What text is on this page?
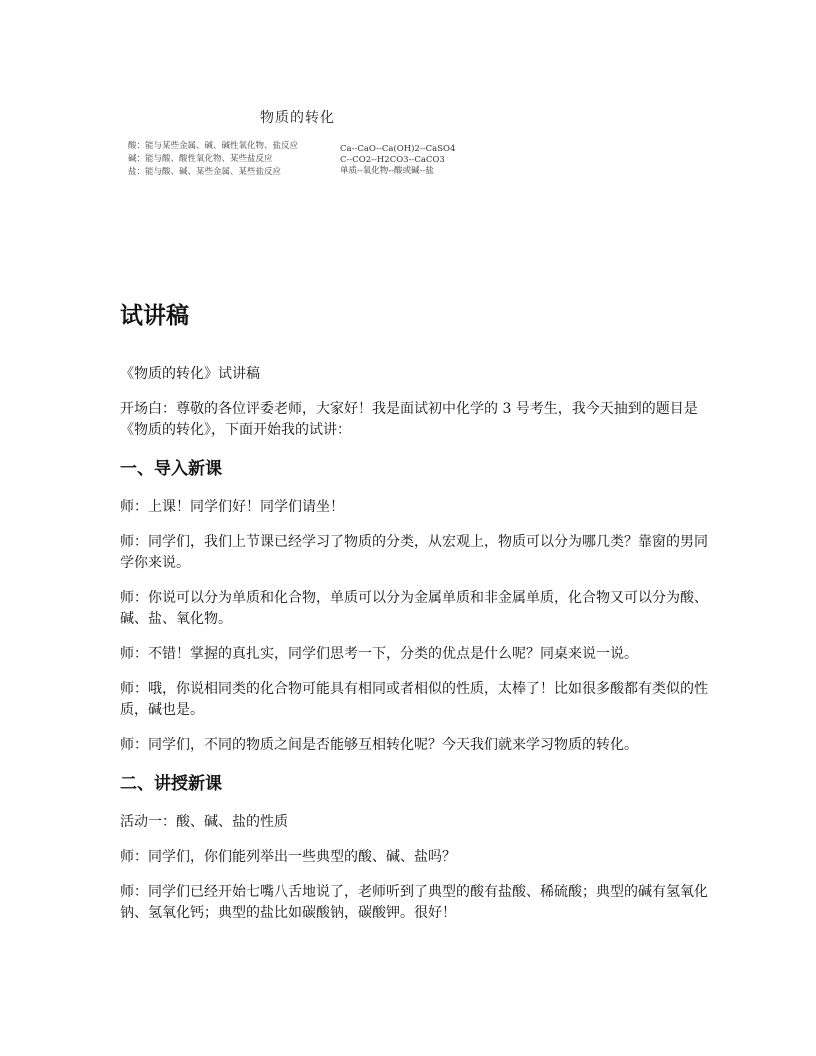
物质的转化
酸：能与某些金属、碱、碱性氧化物、盐反应
碱：能与酸、酸性氧化物、某些盐反应
盐：能与酸、碱、某些金属、某些盐反应
Ca--CaO--Ca(OH)2--CaSO4
C--CO2--H2CO3--CaCO3
单质--氧化物--酸或碱--盐
试讲稿

《物质的转化》试讲稿

开场白：尊敬的各位评委老师，大家好！我是面试初中化学的 3 号考生，我今天抽到的题目是《物质的转化》，下面开始我的试讲：

一、导入新课

师：上课！同学们好！同学们请坐！

师：同学们，我们上节课已经学习了物质的分类，从宏观上，物质可以分为哪几类？靠窗的男同学你来说。

师：你说可以分为单质和化合物，单质可以分为金属单质和非金属单质，化合物又可以分为酸、碱、盐、氧化物。

师：不错！掌握的真扎实，同学们思考一下，分类的优点是什么呢？同桌来说一说。

师：哦，你说相同类的化合物可能具有相同或者相似的性质，太棒了！比如很多酸都有类似的性质，碱也是。

师：同学们，不同的物质之间是否能够互相转化呢？今天我们就来学习物质的转化。

二、讲授新课

活动一：酸、碱、盐的性质

师：同学们，你们能列举出一些典型的酸、碱、盐吗？

师：同学们已经开始七嘴八舌地说了，老师听到了典型的酸有盐酸、稀硫酸；典型的碱有氢氧化钠、氢氧化钙；典型的盐比如碳酸钠，碳酸钾。很好！
